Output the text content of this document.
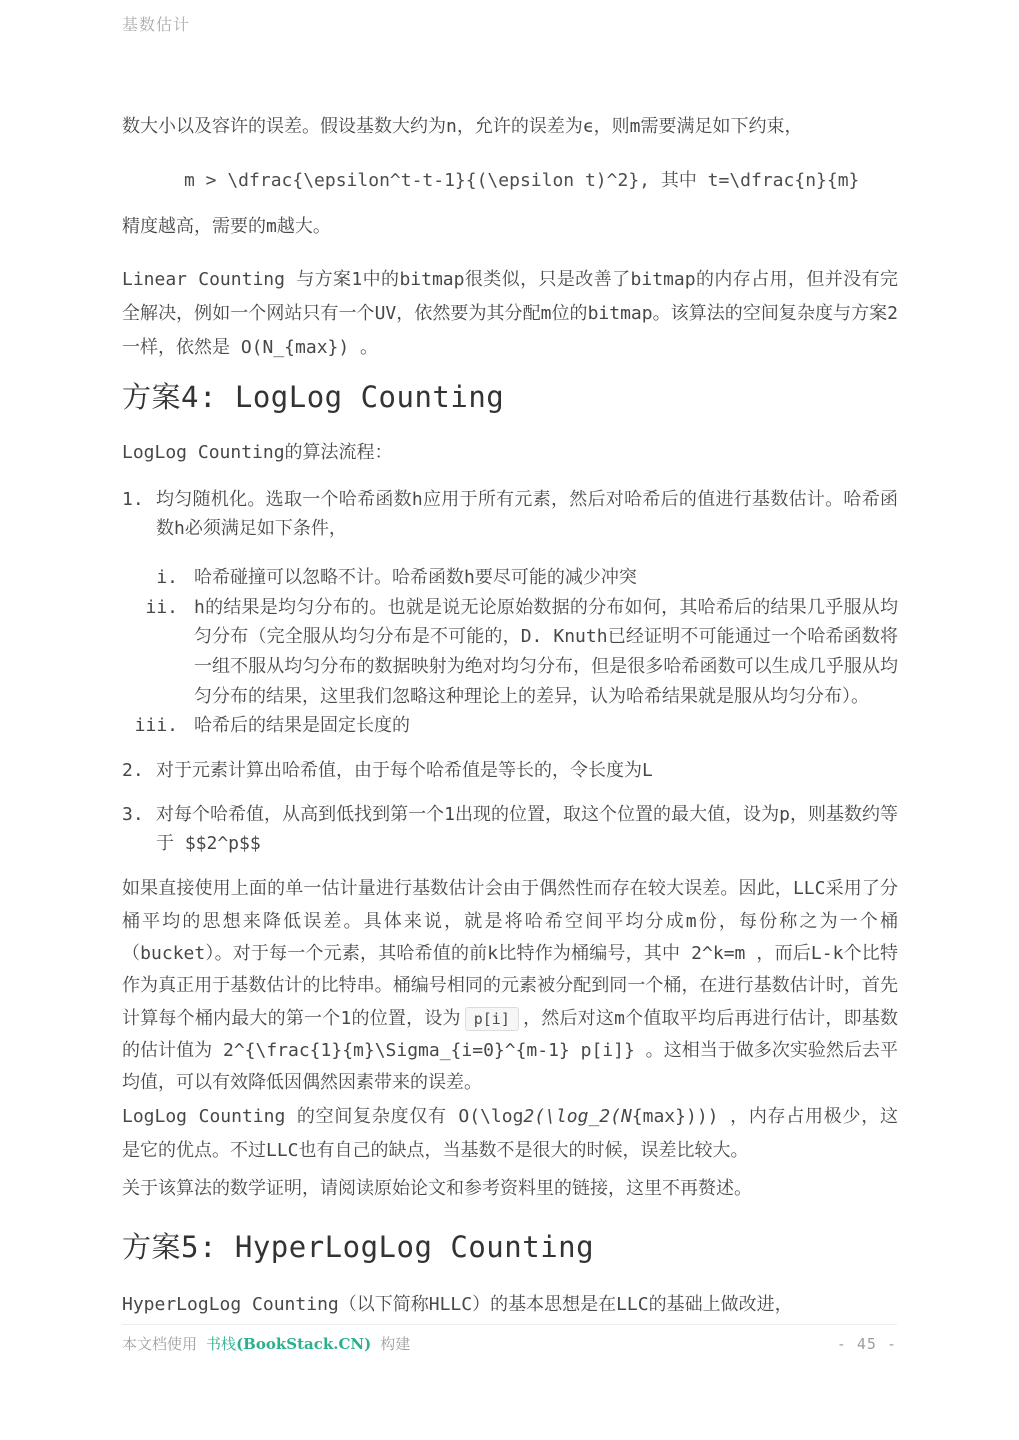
基数估计

数大小以及容许的误差。假设基数大约为n，允许的误差为ϵ，则m需要满足如下约束，

m > \dfrac{\epsilon^t-t-1}{(\epsilon t)^2}, 其中 t=\dfrac{n}{m}

精度越高，需要的m越大。

Linear Counting 与方案1中的bitmap很类似，只是改善了bitmap的内存占用，但并没有完全解决，例如一个网站只有一个UV，依然要为其分配m位的bitmap。该算法的空间复杂度与方案2一样，依然是 O(N_{max}) 。

方案4: LogLog Counting

LogLog Counting的算法流程：

1. 均匀随机化。选取一个哈希函数h应用于所有元素，然后对哈希后的值进行基数估计。哈希函数h必须满足如下条件，
i. 哈希碰撞可以忽略不计。哈希函数h要尽可能的减少冲突
ii. h的结果是均匀分布的。也就是说无论原始数据的分布如何，其哈希后的结果几乎服从均匀分布（完全服从均匀分布是不可能的，D. Knuth已经证明不可能通过一个哈希函数将一组不服从均匀分布的数据映射为绝对均匀分布，但是很多哈希函数可以生成几乎服从均匀分布的结果，这里我们忽略这种理论上的差异，认为哈希结果就是服从均匀分布）。
iii. 哈希后的结果是固定长度的
2. 对于元素计算出哈希值，由于每个哈希值是等长的，令长度为L
3. 对每个哈希值，从高到低找到第一个1出现的位置，取这个位置的最大值，设为p，则基数约等于 $$2^p$$

如果直接使用上面的单一估计量进行基数估计会由于偶然性而存在较大误差。因此，LLC采用了分桶平均的思想来降低误差。具体来说，就是将哈希空间平均分成m份，每份称之为一个桶（bucket）。对于每一个元素，其哈希值的前k比特作为桶编号，其中 2^k=m ，而后L-k个比特作为真正用于基数估计的比特串。桶编号相同的元素被分配到同一个桶，在进行基数估计时，首先计算每个桶内最大的第一个1的位置，设为 p[i] ，然后对这m个值取平均后再进行估计，即基数的估计值为 2^{\frac{1}{m}\Sigma_{i=0}^{m-1} p[i]} 。这相当于做多次实验然后去平均值，可以有效降低因偶然因素带来的误差。

LogLog Counting 的空间复杂度仅有 O(\log2(\log_2(N{max}))) ，内存占用极少，这是它的优点。不过LLC也有自己的缺点，当基数不是很大的时候，误差比较大。

关于该算法的数学证明，请阅读原始论文和参考资料里的链接，这里不再赘述。

方案5: HyperLogLog Counting

HyperLogLog Counting（以下简称HLLC）的基本思想是在LLC的基础上做改进，

本文档使用 书栈(BookStack.CN) 构建	- 45 -
